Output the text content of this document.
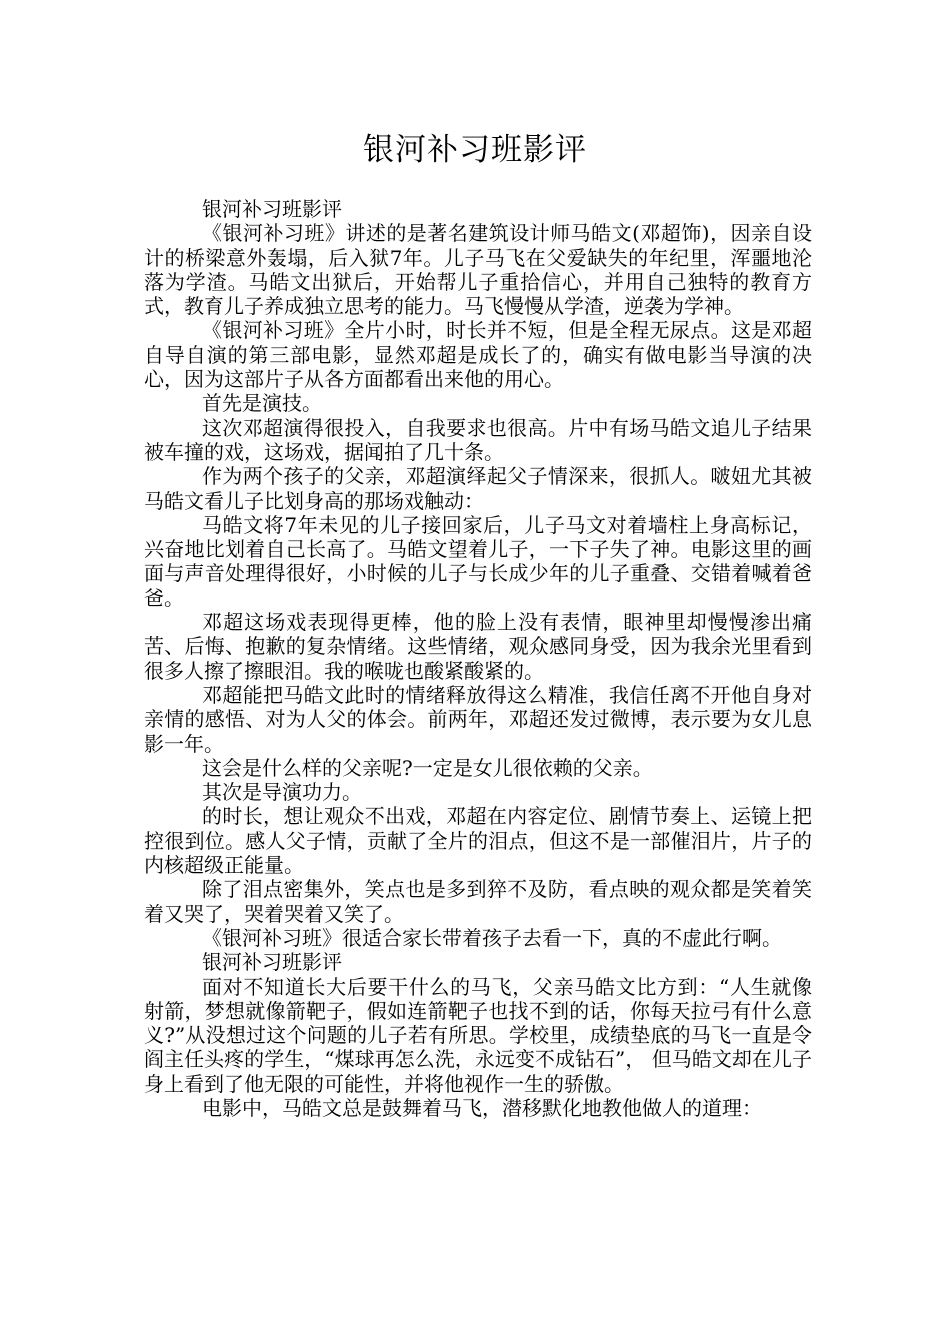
银河补习班影评

银河补习班影评

《银河补习班》讲述的是著名建筑设计师马皓文(邓超饰)，因亲自设计的桥梁意外轰塌，后入狱7年。儿子马飞在父爱缺失的年纪里，浑噩地沦落为学渣。马皓文出狱后，开始帮儿子重拾信心，并用自己独特的教育方式，教育儿子养成独立思考的能力。马飞慢慢从学渣，逆袭为学神。

《银河补习班》全片小时，时长并不短，但是全程无尿点。这是邓超自导自演的第三部电影，显然邓超是成长了的，确实有做电影当导演的决心，因为这部片子从各方面都看出来他的用心。

首先是演技。

这次邓超演得很投入，自我要求也很高。片中有场马皓文追儿子结果被车撞的戏，这场戏，据闻拍了几十条。

作为两个孩子的父亲，邓超演绎起父子情深来，很抓人。啵妞尤其被马皓文看儿子比划身高的那场戏触动：

马皓文将7年未见的儿子接回家后，儿子马文对着墙柱上身高标记，兴奋地比划着自己长高了。马皓文望着儿子，一下子失了神。电影这里的画面与声音处理得很好，小时候的儿子与长成少年的儿子重叠、交错着喊着爸爸。

邓超这场戏表现得更棒，他的脸上没有表情，眼神里却慢慢渗出痛苦、后悔、抱歉的复杂情绪。这些情绪，观众感同身受，因为我余光里看到很多人擦了擦眼泪。我的喉咙也酸紧酸紧的。

邓超能把马皓文此时的情绪释放得这么精准，我信任离不开他自身对亲情的感悟、对为人父的体会。前两年，邓超还发过微博，表示要为女儿息影一年。

这会是什么样的父亲呢?一定是女儿很依赖的父亲。

其次是导演功力。

的时长，想让观众不出戏，邓超在内容定位、剧情节奏上、运镜上把控很到位。感人父子情，贡献了全片的泪点，但这不是一部催泪片，片子的内核超级正能量。

除了泪点密集外，笑点也是多到猝不及防，看点映的观众都是笑着笑着又哭了，哭着哭着又笑了。

《银河补习班》很适合家长带着孩子去看一下，真的不虚此行啊。

银河补习班影评

面对不知道长大后要干什么的马飞，父亲马皓文比方到：“人生就像射箭，梦想就像箭靶子，假如连箭靶子也找不到的话，你每天拉弓有什么意义?”从没想过这个问题的儿子若有所思。学校里，成绩垫底的马飞一直是令阎主任头疼的学生，“煤球再怎么洗，永远变不成钻石”， 但马皓文却在儿子身上看到了他无限的可能性，并将他视作一生的骄傲。

电影中，马皓文总是鼓舞着马飞，潜移默化地教他做人的道理：
